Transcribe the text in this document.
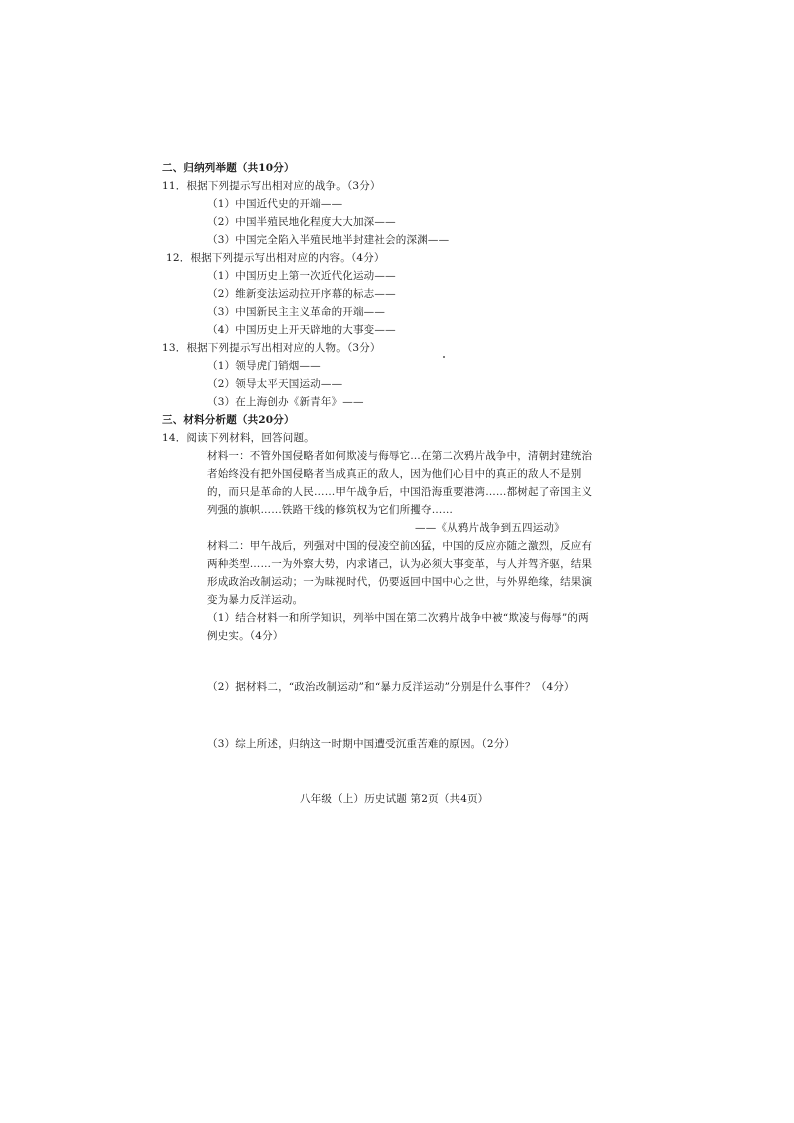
二、归纳列举题（共10分）
11．根据下列提示写出相对应的战争。（3分）
（1）中国近代史的开端——
（2）中国半殖民地化程度大大加深——
（3）中国完全陷入半殖民地半封建社会的深渊——
12．根据下列提示写出相对应的内容。（4分）
（1）中国历史上第一次近代化运动——
（2）维新变法运动拉开序幕的标志——
（3）中国新民主主义革命的开端——
（4）中国历史上开天辟地的大事变——
13．根据下列提示写出相对应的人物。（3分）
（1）领导虎门销烟——
（2）领导太平天国运动——
（3）在上海创办《新青年》——
三、材料分析题（共20分）
14．阅读下列材料，回答问题。
材料一：不管外国侵略者如何欺凌与侮辱它…在第二次鸦片战争中，清朝封建统治
者始终没有把外国侵略者当成真正的敌人，因为他们心目中的真正的敌人不是别
的，而只是革命的人民……甲午战争后，中国沿海重要港湾……都树起了帝国主义
列强的旗帜……铁路干线的修筑权为它们所攫夺……
——《从鸦片战争到五四运动》
材料二：甲午战后，列强对中国的侵凌空前凶猛，中国的反应亦随之激烈，反应有
两种类型……一为外察大势，内求诸己，认为必须大事变革，与人并驾齐驱，结果
形成政治改制运动；一为昧视时代，仍要返回中国中心之世，与外界绝缘，结果演
变为暴力反洋运动。
（1）结合材料一和所学知识，列举中国在第二次鸦片战争中被“欺凌与侮辱”的两
例史实。（4分）
（2）据材料二，“政治改制运动”和“暴力反洋运动”分别是什么事件？（4分）
（3）综上所述，归纳这一时期中国遭受沉重苦难的原因。（2分）
八年级（上）历史试题 第2页（共4页）
